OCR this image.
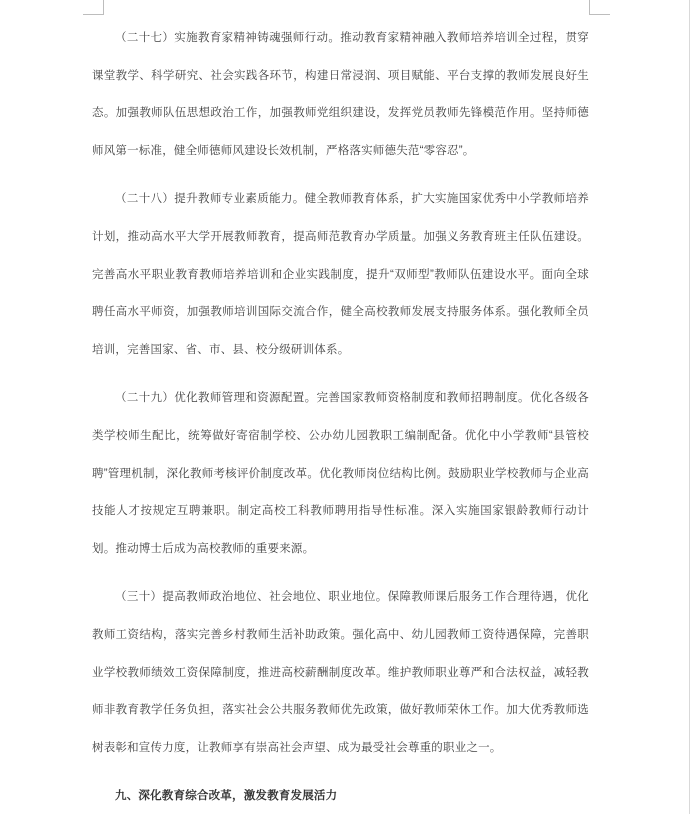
（二十七）实施教育家精神铸魂强师行动。推动教育家精神融入教师培养培训全过程，贯穿课堂教学、科学研究、社会实践各环节，构建日常浸润、项目赋能、平台支撑的教师发展良好生态。加强教师队伍思想政治工作，加强教师党组织建设，发挥党员教师先锋模范作用。坚持师德师风第一标准，健全师德师风建设长效机制，严格落实师德失范“零容忍”。

（二十八）提升教师专业素质能力。健全教师教育体系，扩大实施国家优秀中小学教师培养计划，推动高水平大学开展教师教育，提高师范教育办学质量。加强义务教育班主任队伍建设。完善高水平职业教育教师培养培训和企业实践制度，提升“双师型”教师队伍建设水平。面向全球聘任高水平师资，加强教师培训国际交流合作，健全高校教师发展支持服务体系。强化教师全员培训，完善国家、省、市、县、校分级研训体系。

（二十九）优化教师管理和资源配置。完善国家教师资格制度和教师招聘制度。优化各级各类学校师生配比，统筹做好寄宿制学校、公办幼儿园教职工编制配备。优化中小学教师“县管校聘”管理机制，深化教师考核评价制度改革。优化教师岗位结构比例。鼓励职业学校教师与企业高技能人才按规定互聘兼职。制定高校工科教师聘用指导性标准。深入实施国家银龄教师行动计划。推动博士后成为高校教师的重要来源。

（三十）提高教师政治地位、社会地位、职业地位。保障教师课后服务工作合理待遇，优化教师工资结构，落实完善乡村教师生活补助政策。强化高中、幼儿园教师工资待遇保障，完善职业学校教师绩效工资保障制度，推进高校薪酬制度改革。维护教师职业尊严和合法权益，减轻教师非教育教学任务负担，落实社会公共服务教师优先政策，做好教师荣休工作。加大优秀教师选树表彰和宣传力度，让教师享有崇高社会声望、成为最受社会尊重的职业之一。

九、深化教育综合改革，激发教育发展活力
